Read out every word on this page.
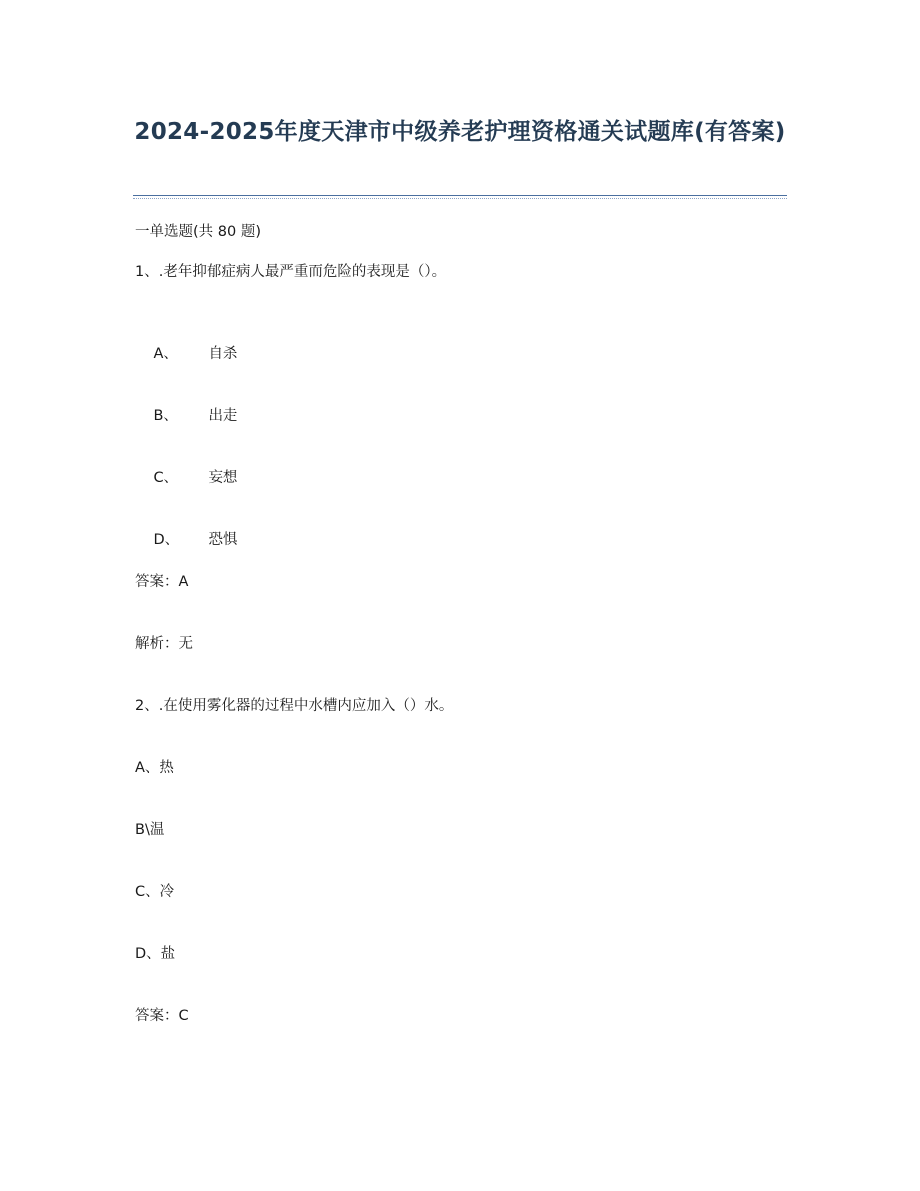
2024-2025年度天津市中级养老护理资格通关试题库(有答案)
一单选题(共 80 题)
1、.老年抑郁症病人最严重而危险的表现是（）。

A、 自杀

B、 出走

C、 妄想

D、 恐惧

答案：A
解析：无
2、.在使用雾化器的过程中水槽内应加入（）水。
A、热
B\温
C、冷
D、盐
答案：C
